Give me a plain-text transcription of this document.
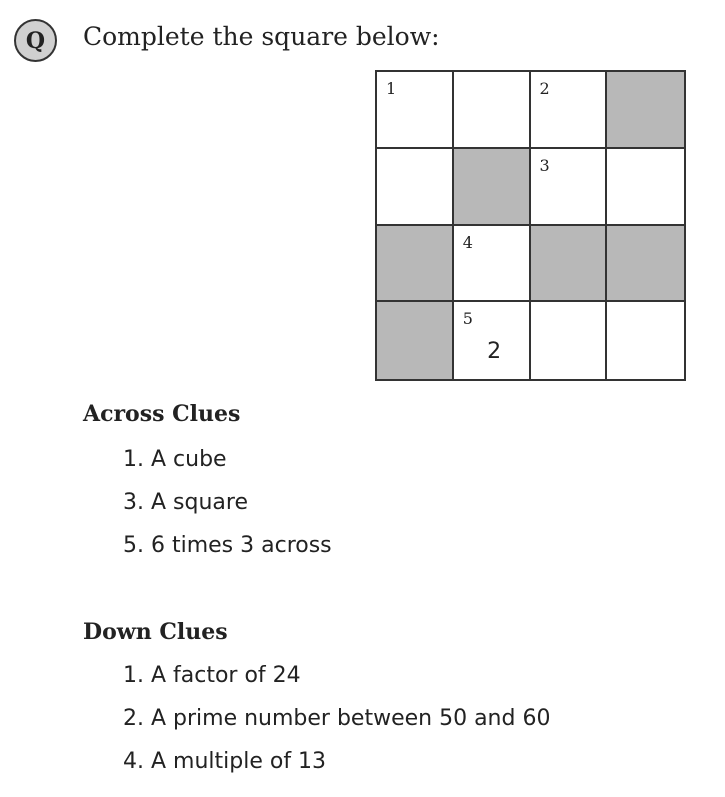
Q	Complete the square below:
1	2
3
4
5
2
Across Clues
1. A cube
3. A square
5. 6 times 3 across
Down Clues
1. A factor of 24
2. A prime number between 50 and 60
4. A multiple of 13
